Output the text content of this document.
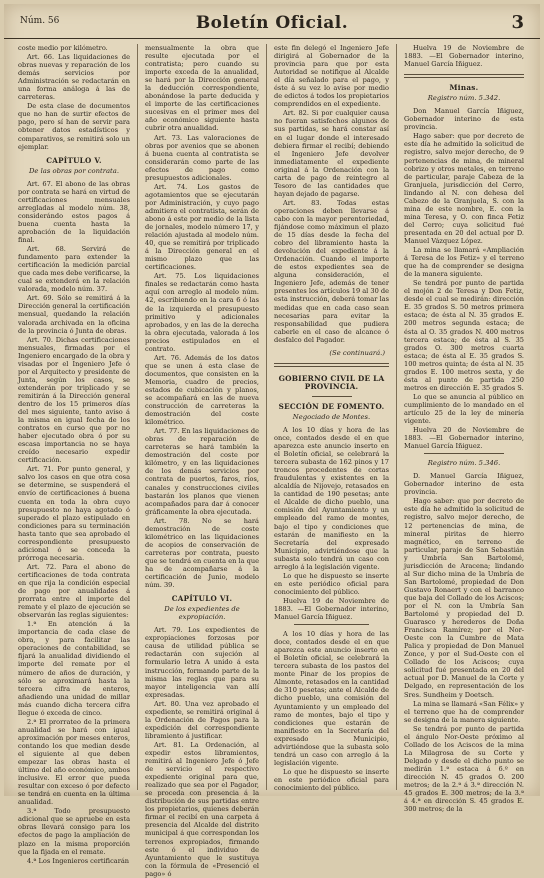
Núm. 56	Boletín Oficial.	3

coste medio por kilómetro.

Art. 66. Las liquidaciones de obras nuevas y reparación de los demás servicios por Administración se redactarán en una forma análoga á las de carreteras.

De esta clase de documentos que no han de surtir efectos de pago, pero sí han de servir para obtener datos estadísticos y comparativos, se remitirá solo un ejemplar.

CAPÍTULO V.
De las obras por contrata.

Art. 67. El abono de las obras por contrata se hará en virtud de certificaciones mensuales arregladas al modelo núm. 38, considerándo estos pagos á buena cuenta hasta la aprobación de la liquidación final.

Art. 68. Servirá de fundamento para extender la certificación la medición parcial que cada mes debe verificarse, la cual se extenderá en la relación valorada, modelo núm. 37.

Art. 69. Sólo se remitirá á la Dirección general la certificación mensual, quedando la relación valorada archivada en la oficina de la provincia ó Junta de obras.

Art. 70. Dichas certificaciones mensuales, firmadas por el Ingeniero encargado de la obra y visadas por el Ingeniero Jefe ó por el Arquitecto y presidente de Junta, según los casos, se extenderán por triplicado y se remitirán á la Dirección general dentro de los 15 primeros días del mes siguiente, tanto aviso á la misma en igual fecha de los contratos en curso que por no haber ejecutado obra ó por su escasa importancia no se haya creído necesario expedir certificación.

Art. 71. Por punto general, y salvo los casos en que otra cosa se determine, se suspenderá el envío de certificaciones á buena cuenta en toda la obra cuyo presupuesto no haya agotado ó superado el plazo estipulado en condiciones para su terminación hasta tanto que sea aprobado el correspondiente presupuesto adicional ó se conceda la prórroga necesaria.

Art. 72. Para el abono de certificaciones de toda contrata en que rija la condición especial de pago por anualidades á prorrata entre el importe del remate y el plazo de ejecución se observarán las reglas siguientes:

1.ª En atención á la importancia de cada clase de obra, y para facilitar las operaciones de contabilidad, se fijará la anualidad dividiendo el importe del remate por el número de años de duración, y sólo se aproximará hasta la tercera cifra de enteros, añadiendo una unidad de millar más cuando dicha tercera cifra llegue ó exceda de cinco.

2.ª El prorrateo de la primera anualidad se hará con igual aproximación por meses enteros, contando los que median desde el siguiente al que deben empezar las obras hasta el último del año económico, ambos inclusive. El error que pueda resultar con exceso ó por defecto se tendrá en cuenta en la última anualidad.

3.ª Todo presupuesto adicional que se apruebe en esta obras llevará consigo para los efectos de pago la ampliación de plazo en la misma proporción que la fijada en el remate.

4.ª Los Ingenieros certificarán

mensualmente la obra que resulte ejecutada por el contratista; pero cuando su importe exceda de la anualidad, se hará por la Dirección general la deducción correspondiente, abonándose la parte deducida y el importe de las certificaciones sucesivas en el primer mes del año económico siguiente hasta cubrir otra anualidad.

Art. 73. Las valoraciones de obras por avenios que se abonen á buena cuenta al contratista se considerarán como parte de las efectos de pago como presupuestos adicionales.

Art. 74. Los gastos de agotamientos que se ejecutarán por Administración, y cuyo pago admitiera el contratista, serán de abono á este por medio de la lista de jornales, modelo número 17, y relación ajustada al modelo núm. 40, que se remitirá por triplicado á la Dirección general en el mismo plazo que las certificaciones.

Art. 75. Los liquidaciones finales se redactarán como hasta aquí con arreglo al modelo núm. 42, escribiendo en la cara 6 ó las de la izquierda el presupuesto primitivo y adicionales aprobados, y en las de la derecha la obra ejecutada, valorada á los precios estipulados en el contrato.

Art. 76. Además de los datos que se unen á esta clase de documentos, que consisten en la Memoria, cuadro de precios, estados de cubicación y planos, se acompañará en las de nueva construcción de carreteras la demostración del coste kilométrico.

Art. 77. En las liquidaciones de obras de reparación de carreteras se hará también la demostración del coste por kilómetro, y en las liquidaciones de los demás servicios por contrata de puertos, faros, ríos, canales y construcciones civiles bastarán los planos que vienen acompañados para dar á conocer gráficamente la obra ejecutada.

Art. 78. No se hará demostración de coste kilométrico en las liquidaciones de acopios de conservación de carreteras por contrata, puesto que se tendrá en cuenta en la que ha de acompañarse á la certificación de Junio, modelo núm. 39.

CAPÍTULO VI.
De los expedientes de expropiación.

Art. 79. Los expedientes de expropiaciones forzosas por causa de utilidad pública se redactarán con sujeción al formulario letra A unido á esta instrucción, formando parte de la misma las reglas que para su mayor inteligencia van allí expresadas.

Art. 80. Una vez aprobado el expediente, se remitirá original á la Ordenación de Pagos para la expedición del correspondiente libramiento á justificar.

Art. 81. La Ordenación, al expedir estos libramientos, remitirá al Ingeniero Jefe ó Jefe de servicio el respectivo expediente original para que, realizado que sea por el Pagador, se proceda con presencia á la distribución de sus partidas entre los propietarios, quienes deberán firmar el recibí en una carpeta á presencia del Alcalde del distrito municipal á que correspondan los terrenos expropiados, firmando este ó el individuo de Ayuntamiento que le sustituya con la fórmula de «Presenció el pago» ó

este fin delegó el Ingeniero Jefe dirigirá al Gobernador de la provincia para que por esta Autoridad se notifique al Alcalde el día señalado para el pago, y éste á su vez lo avise por medio de edictos á todos los propietarios comprendidos en el expediente.

Art. 82. Si por cualquier causa no fueran satisfechos algunos de sus partidas, se hará constar así en el lugar donde el interesado debiera firmar el recibí; debiendo el Ingeniero Jefe devolver inmediatamente el expediente original á la Ordenación con la carta de pago de reintegro al Tesoro de las cantidades que hayan dejado de pagarse.

Art. 83. Todas estas operaciones deben llevarse á cabo con la mayor perentoriedad, fijándose como máximun el plazo de 15 días desde la fecha del cobro del libramiento hasta la devolución del expediente á la Ordenación. Cuando el importe de estos expedientes sea de alguna consideración, el Ingeniero Jefe, además de tener presentes los artículos 19 al 30 de esta instrucción, deberá tomar las medidas que en cada caso sean necesarias para evitar la responsabilidad que pudiera caberle en el caso de alcance ó desfalco del Pagador.

(Se continuará.)
GOBIERNO CIVIL DE LA PROVINCIA.
SECCIÓN DE FOMENTO.
Negociado de Montes.

A los 10 días y hora de las once, contados desde el en que aparezca este anuncio inserto en el Boletín oficial, se celebrará la tercera subasta de 162 pinos y 17 troncos procedentes de cortas fraudulentas y existentes en la alcaldía de Nijovejo, retasados en la cantidad de 190 pesetas; ante el Alcalde de dicho pueblo, una comisión del Ayuntamiento y un empleado del ramo de montes, bajo el tipo y condiciones que estarán de manifiesto en la Secretaría del expresado Municipio, advirtiéndose que la subasta solo tendrá un caso con arreglo á la legislación vigente.

Lo que he dispuesto se inserte en este periódico oficial para conocimiento del público.

Huelva 19 de Noviembre de 1883. —El Gobernador interino, Manuel García Iñiguez.

A los 10 días y hora de las doce, contados desde el en que aparezca este anuncio inserto en el Boletín oficial, se celebrará la tercera subasta de los pastos del monte Pinar de los propios de Almonte, retasados en la cantidad de 310 pesetas; ante el Alcalde de dicho pueblo, una comisión del Ayuntamiento y un empleado del ramo de montes, bajo el tipo y condiciones que estarán de manifiesto en la Secretaría del expresado Municipio, advirtiéndose que la subasta solo tendrá un caso con arreglo á la legislación vigente.

Lo que he dispuesto se inserte en este periódico oficial para conocimiento del público.

Huelva 19 de Noviembre de 1883. —El Gobernador interino, Manuel García Iñiguez.

Minas.
Registro núm. 5.342.

Don Manuel García Iñiguez, Gobernador interino de esta provincia.

Hago saber: que por decreto de este día he admitido la solicitud de registro, salvo mejor derecho, de 9 pertenencias de mina, de mineral cobrizo y otros metales, en terreno de particular, paraje Cabeza de la Granjuela, jurisdicción del Cerro, lindando al N. con dehesa del Cabezo de la Granjuela, S. con la mina de este nombre, E. con la mina Teresa, y O. con finca Fetiz del Cerro; cuya solicitud fué presentada en 20 del actual por D. Manuel Vázquez López.

La mina se llamará «Ampliación á Teresa de los Fetiz» y el terreno que ha de comprender se designa de la manera siguiente.

Se tendrá por punto de partida el mojón 2 de Teresa y Don Fetiz, desde el cual se medirán: dirección E. 35 grados S. 50 metros primera estaca; de ésta al N. 35 grados E. 200 metros segunda estaca; de ésta al O. 35 grados N. 400 metros tercera estaca; de ésta al S. 35 grados O. 300 metros cuarta estaca; de ésta al E. 35 grados S. 100 metros quinta; de ésta al N. 35 grados E. 100 metros sexta, y de ésta al punto de partida 250 metros en dirección E. 35 grados S.

Lo que se anuncia al público en cumplimiento de lo mandado en el artículo 25 de la ley de minería vigente.

Huelva 20 de Noviembre de 1883. —El Gobernador interino, Manuel García Iñiguez.

Registro núm. 5.346.

D. Manuel García Iñiguez, Gobernador interino de esta provincia.

Hago saber: que por decreto de este día he admitido la solicitud de registro, salvo mejor derecho, de 12 pertenencias de mina, de mineral piritas de hierro magnético, en terreno de particular, paraje de San Sebastián y Umbría San Bartolomé, jurisdicción de Aracena; lindando al Sur dicho mina de la Umbría de San Bartolomé, propiedad de Don Gustavo Ronaert y con el barranco que baja del Collado de los Aciscos; por el N. con la Umbría San Bartolomé y propiedad del D. Guarasco y herederos de Doña Francisca Ramírez; por el Nor-Oeste con la Cumbre de Mata Palica y propiedad de Don Manuel Zonce, y por el Sud-Oeste con el Collado de los Aciscos; cuya solicitud fué presentada en 20 del actual por D. Manuel de la Corte y Delgado, en representación de los Sres. Sundheim y Doetsch.

La mina se llamará «San Félix» y el terreno que ha de comprender se designa de la manera siguiente.

Se tendrá por punto de partida el ángulo Nor-Oeste próximo al Collado de los Aciscos de la mina La Milagrosa de su Corte y Delgado y desde el dicho punto se medirán 1.ª estaca á 6.º en dirección N. 45 grados O. 200 metros; de la 2.ª á 3.ª dirección N. 45 grados E. 300 metros; de la 3.ª á 4.ª en dirección S. 45 grados E. 300 metros; de la
